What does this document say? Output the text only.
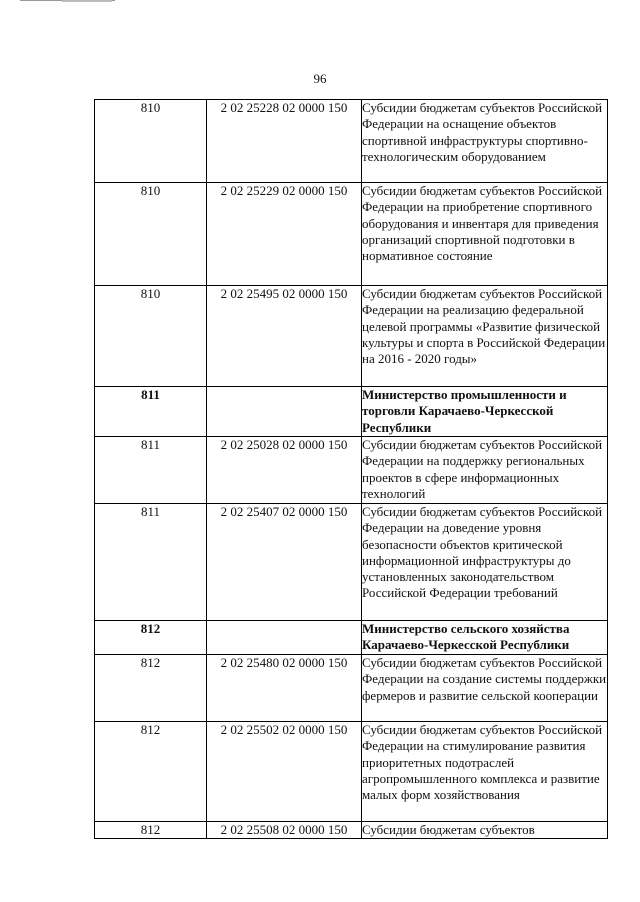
96
810	2 02 25228 02 0000 150	Субсидии бюджетам субъектов Российской Федерации на оснащение объектов спортивной инфраструктуры спортивно-технологическим оборудованием
810	2 02 25229 02 0000 150	Субсидии бюджетам субъектов Российской Федерации на приобретение спортивного оборудования и инвентаря для приведения организаций спортивной подготовки в нормативное состояние
810	2 02 25495 02 0000 150	Субсидии бюджетам субъектов Российской Федерации на реализацию федеральной целевой программы «Развитие физической культуры и спорта в Российской Федерации на 2016 - 2020 годы»
811		Министерство промышленности и торговли Карачаево-Черкесской Республики
811	2 02 25028 02 0000 150	Субсидии бюджетам субъектов Российской Федерации на поддержку региональных проектов в сфере информационных технологий
811	2 02 25407 02 0000 150	Субсидии бюджетам субъектов Российской Федерации на доведение уровня безопасности объектов критической информационной инфраструктуры до установленных законодательством Российской Федерации требований
812		Министерство сельского хозяйства Карачаево-Черкесской Республики
812	2 02 25480 02 0000 150	Субсидии бюджетам субъектов Российской Федерации на создание системы поддержки фермеров и развитие сельской кооперации
812	2 02 25502 02 0000 150	Субсидии бюджетам субъектов Российской Федерации на стимулирование развития приоритетных подотраслей агропромышленного комплекса и развитие малых форм хозяйствования
812	2 02 25508 02 0000 150	Субсидии бюджетам субъектов
